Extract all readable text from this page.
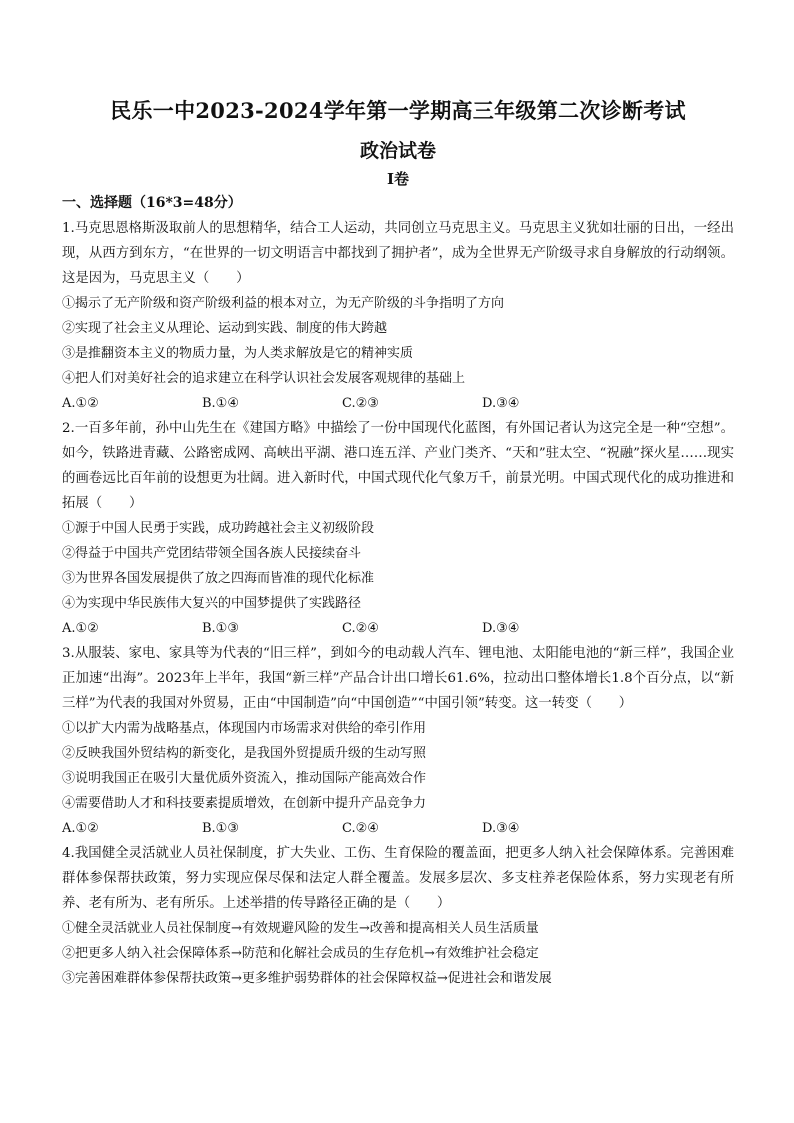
民乐一中2023-2024学年第一学期高三年级第二次诊断考试
政治试卷
Ⅰ卷
一、选择题（16*3=48分）

1.马克思恩格斯汲取前人的思想精华，结合工人运动，共同创立马克思主义。马克思主义犹如壮丽的日出，一经出现，从西方到东方，“在世界的一切文明语言中都找到了拥护者”，成为全世界无产阶级寻求自身解放的行动纲领。这是因为，马克思主义（　　）

①揭示了无产阶级和资产阶级利益的根本对立，为无产阶级的斗争指明了方向

②实现了社会主义从理论、运动到实践、制度的伟大跨越

③是推翻资本主义的物质力量，为人类求解放是它的精神实质

④把人们对美好社会的追求建立在科学认识社会发展客观规律的基础上

A.①②	B.①④	C.②③	D.③④

2.一百多年前，孙中山先生在《建国方略》中描绘了一份中国现代化蓝图，有外国记者认为这完全是一种“空想”。如今，铁路进青藏、公路密成网、高峡出平湖、港口连五洋、产业门类齐、“天和”驻太空、“祝融”探火星……现实的画卷远比百年前的设想更为壮阔。进入新时代，中国式现代化气象万千，前景光明。中国式现代化的成功推进和拓展（　　）

①源于中国人民勇于实践，成功跨越社会主义初级阶段

②得益于中国共产党团结带领全国各族人民接续奋斗

③为世界各国发展提供了放之四海而皆准的现代化标准

④为实现中华民族伟大复兴的中国梦提供了实践路径

A.①②	B.①③	C.②④	D.③④

3.从服装、家电、家具等为代表的“旧三样”，到如今的电动载人汽车、锂电池、太阳能电池的“新三样”，我国企业正加速“出海”。2023年上半年，我国“新三样”产品合计出口增长61.6%，拉动出口整体增长1.8个百分点，以“新三样”为代表的我国对外贸易，正由“中国制造”向“中国创造”“中国引领”转变。这一转变（　　）

①以扩大内需为战略基点，体现国内市场需求对供给的牵引作用

②反映我国外贸结构的新变化，是我国外贸提质升级的生动写照

③说明我国正在吸引大量优质外资流入，推动国际产能高效合作

④需要借助人才和科技要素提质增效，在创新中提升产品竞争力

A.①②	B.①③	C.②④	D.③④

4.我国健全灵活就业人员社保制度，扩大失业、工伤、生育保险的覆盖面，把更多人纳入社会保障体系。完善困难群体参保帮扶政策，努力实现应保尽保和法定人群全覆盖。发展多层次、多支柱养老保险体系，努力实现老有所养、老有所为、老有所乐。上述举措的传导路径正确的是（　　）

①健全灵活就业人员社保制度→有效规避风险的发生→改善和提高相关人员生活质量

②把更多人纳入社会保障体系→防范和化解社会成员的生存危机→有效维护社会稳定

③完善困难群体参保帮扶政策→更多维护弱势群体的社会保障权益→促进社会和谐发展
